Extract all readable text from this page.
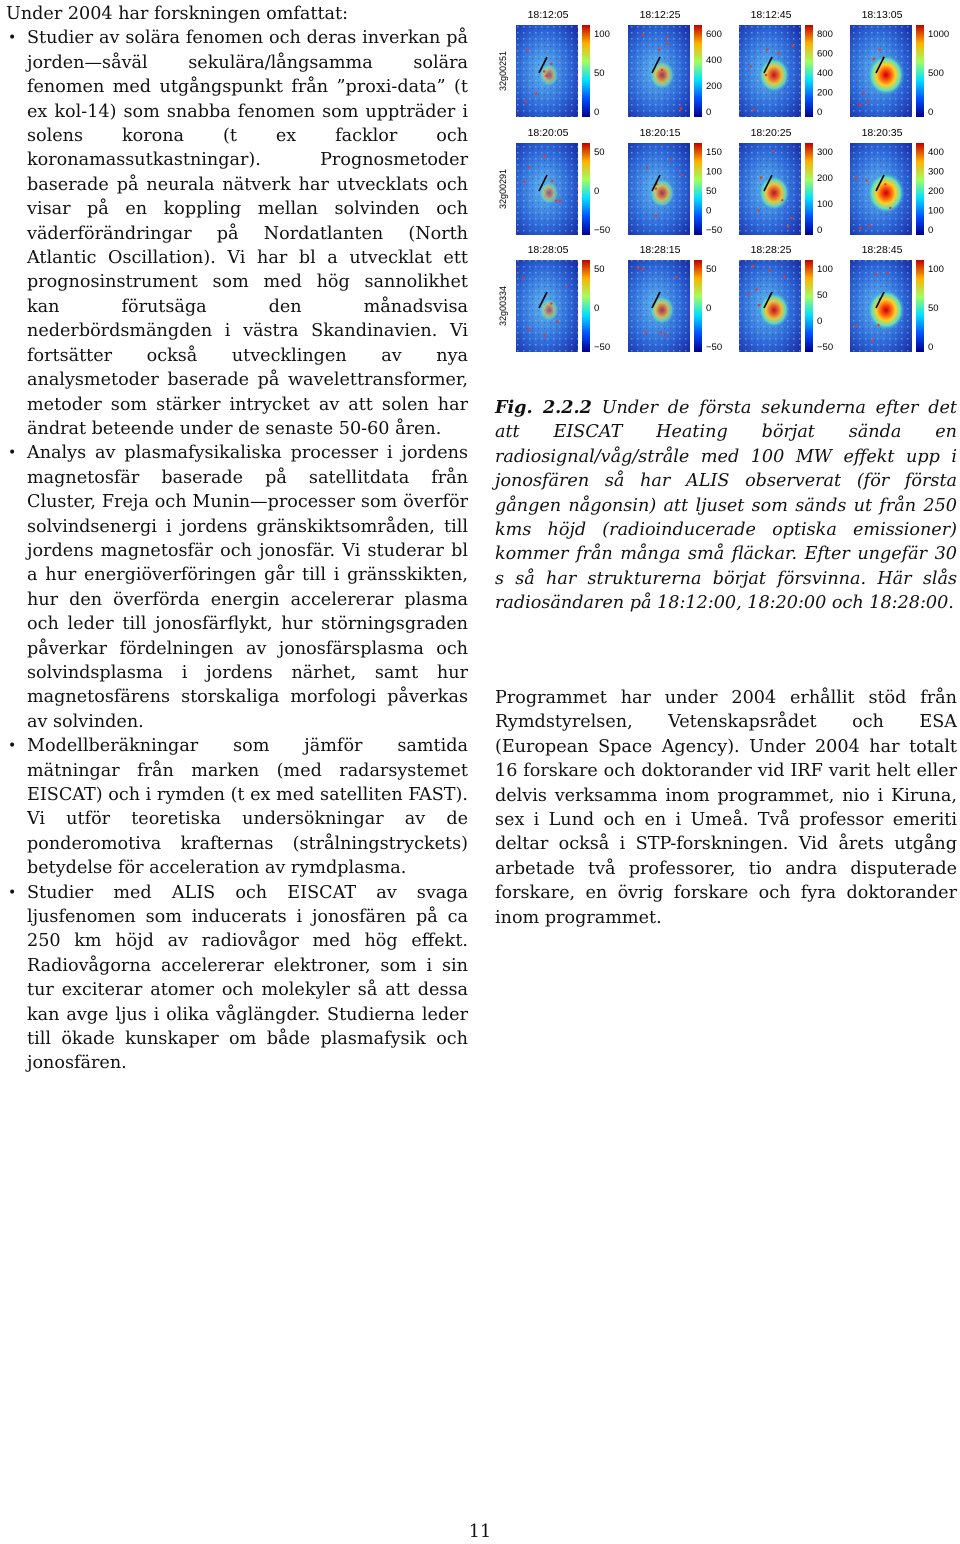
Under 2004 har forskningen omfattat:

• Studier av solära fenomen och deras inverkan på jorden—såväl sekulära/långsamma solära fenomen med utgångspunkt från ”proxi-data” (t ex kol-14) som snabba fenomen som uppträder i solens korona (t ex facklor och koronamassutkastningar). Prognosmetoder baserade på neurala nätverk har utvecklats och visar på en koppling mellan solvinden och väderförändringar på Nordatlanten (North Atlantic Oscillation). Vi har bl a utvecklat ett prognosinstrument som med hög sannolikhet kan förutsäga den månadsvisa nederbördsmängden i västra Skandinavien. Vi fortsätter också utvecklingen av nya analysmetoder baserade på wavelettransformer, metoder som stärker intrycket av att solen har ändrat beteende under de senaste 50-60 åren.

• Analys av plasmafysikaliska processer i jordens magnetosfär baserade på satellitdata från Cluster, Freja och Munin—processer som överför solvindsenergi i jordens gränskiktsområden, till jordens magnetosfär och jonosfär. Vi studerar bl a hur energiöverföringen går till i gränsskikten, hur den överförda energin accelererar plasma och leder till jonosfärflykt, hur störningsgraden påverkar fördelningen av jonosfärsplasma och solvindsplasma i jordens närhet, samt hur magnetosfärens storskaliga morfologi påverkas av solvinden.

• Modellberäkningar som jämför samtida mätningar från marken (med radarsystemet EISCAT) och i rymden (t ex med satelliten FAST). Vi utför teoretiska undersökningar av de ponderomotiva krafternas (strålningstryckets) betydelse för acceleration av rymdplasma.

• Studier med ALIS och EISCAT av svaga ljusfenomen som inducerats i jonosfären på ca 250 km höjd av radiovågor med hög effekt. Radiovågorna accelererar elektroner, som i sin tur exciterar atomer och molekyler så att dessa kan avge ljus i olika våglängder. Studierna leder till ökade kunskaper om både plasmafysik och jonosfären.

32g00251
18:12:05
100
50
0
18:12:25
600
400
200
0
18:12:45
800
600
400
200
0
18:13:05
1000
500
0
32g00291
18:20:05
50
0
−50
18:20:15
150
100
50
0
−50
18:20:25
300
200
100
0
18:20:35
400
300
200
100
0
32g00334
18:28:05
50
0
−50
18:28:15
50
0
−50
18:28:25
100
50
0
−50
18:28:45
100
50
0
Fig. 2.2.2 Under de första sekunderna efter det att EISCAT Heating börjat sända en radiosignal/våg/stråle med 100 MW effekt upp i jonosfären så har ALIS observerat (för första gången någonsin) att ljuset som sänds ut från 250 kms höjd (radioinducerade optiska emissioner) kommer från många små fläckar. Efter ungefär 30 s så har strukturerna börjat försvinna. Här slås radiosändaren på 18:12:00, 18:20:00 och 18:28:00.
Programmet har under 2004 erhållit stöd från Rymdstyrelsen, Vetenskapsrådet och ESA (European Space Agency). Under 2004 har totalt 16 forskare och doktorander vid IRF varit helt eller delvis verksamma inom programmet, nio i Kiruna, sex i Lund och en i Umeå. Två professor emeriti deltar också i STP-forskningen. Vid årets utgång arbetade två professorer, tio andra disputerade forskare, en övrig forskare och fyra doktorander inom programmet.
11
